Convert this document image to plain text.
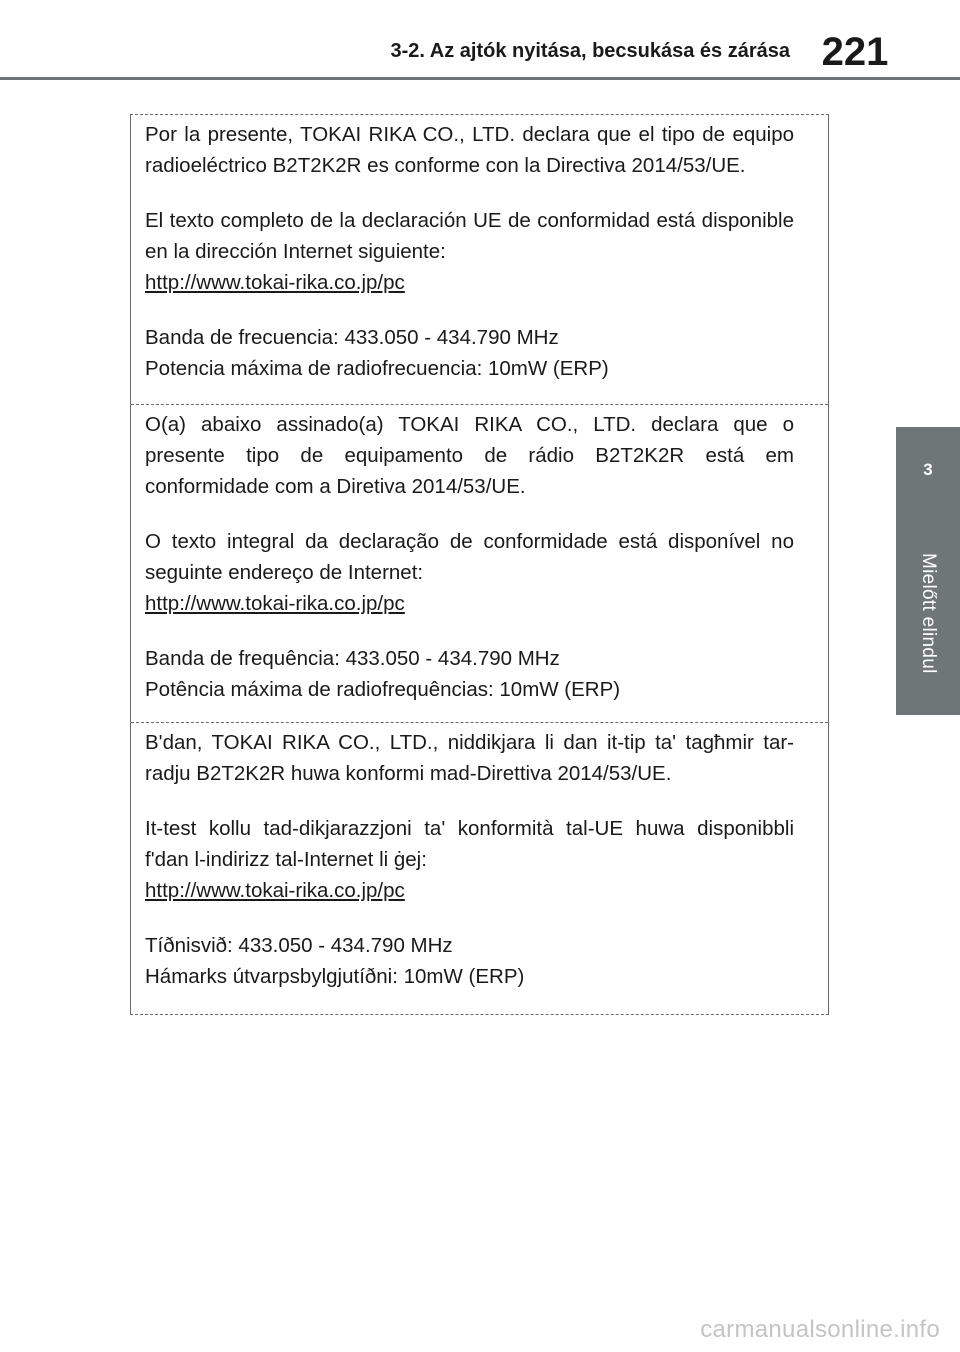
3-2. Az ajtók nyitása, becsukása és zárása 221
3
Mielőtt elindul

Por la presente, TOKAI RIKA CO., LTD. declara que el tipo de equipo radioeléctrico B2T2K2R es conforme con la Directiva 2014/53/UE.

El texto completo de la declaración UE de conformidad está disponible en la dirección Internet siguiente:

http://www.tokai-rika.co.jp/pc

Banda de frecuencia: 433.050 - 434.790 MHz

Potencia máxima de radiofrecuencia: 10mW (ERP)

O(a) abaixo assinado(a) TOKAI RIKA CO., LTD. declara que o presente tipo de equipamento de rádio B2T2K2R está em conformidade com a Diretiva 2014/53/UE.

O texto integral da declaração de conformidade está disponível no seguinte endereço de Internet:

http://www.tokai-rika.co.jp/pc

Banda de frequência: 433.050 - 434.790 MHz

Potência máxima de radiofrequências: 10mW (ERP)

B'dan, TOKAI RIKA CO., LTD., niddikjara li dan it-tip ta' tagħmir tar-radju B2T2K2R huwa konformi mad-Direttiva 2014/53/UE.

It-test kollu tad-dikjarazzjoni ta' konformità tal-UE huwa disponibbli f'dan l-indirizz tal-Internet li ġej:

http://www.tokai-rika.co.jp/pc

Tíðnisvið: 433.050 - 434.790 MHz

Hámarks útvarpsbylgjutíðni: 10mW (ERP)

carmanualsonline.info
